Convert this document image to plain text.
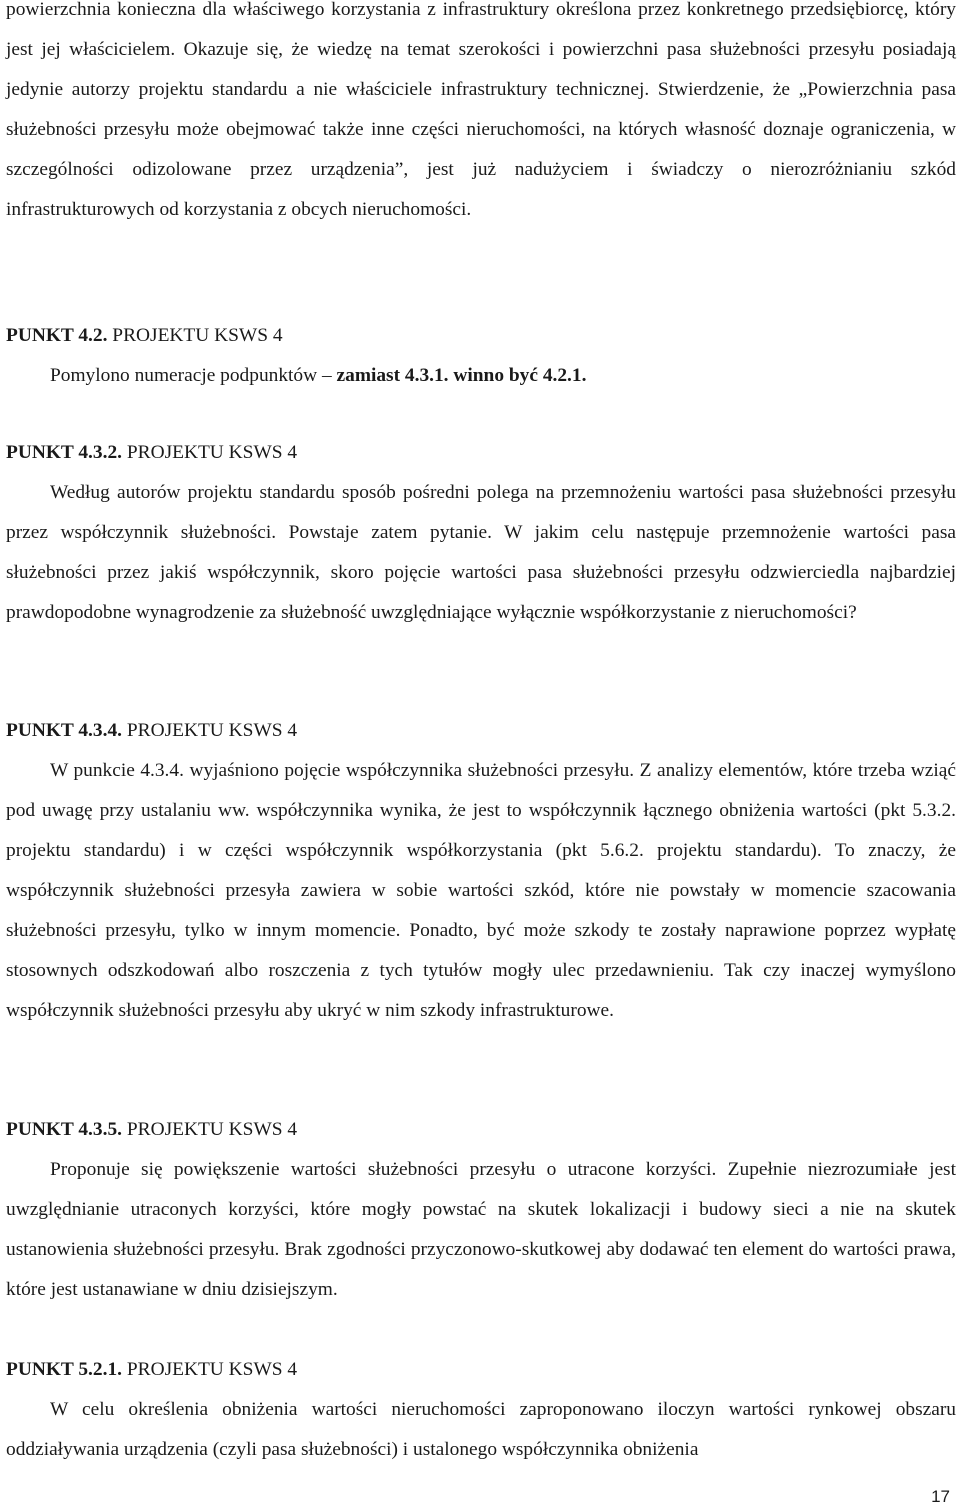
powierzchnia konieczna dla właściwego korzystania z infrastruktury określona przez konkretnego przedsiębiorcę, który jest jej właścicielem. Okazuje się, że wiedzę na temat szerokości i powierzchni pasa służebności przesyłu posiadają jedynie autorzy projektu standardu a nie właściciele infrastruktury technicznej. Stwierdzenie, że „Powierzchnia pasa służebności przesyłu może obejmować także inne części nieruchomości, na których własność doznaje ograniczenia, w szczególności odizolowane przez urządzenia”, jest już nadużyciem i świadczy o nierozróżnianiu szkód infrastrukturowych od korzystania z obcych nieruchomości.

PUNKT 4.2. PROJEKTU KSWS 4

Pomylono numeracje podpunktów – zamiast 4.3.1. winno być 4.2.1.

PUNKT 4.3.2. PROJEKTU KSWS 4

Według autorów projektu standardu sposób pośredni polega na przemnożeniu wartości pasa służebności przesyłu przez współczynnik służebności. Powstaje zatem pytanie. W jakim celu następuje przemnożenie wartości pasa służebności przez jakiś współczynnik, skoro pojęcie wartości pasa służebności przesyłu odzwierciedla najbardziej prawdopodobne wynagrodzenie za służebność uwzględniające wyłącznie współkorzystanie z nieruchomości?

PUNKT 4.3.4. PROJEKTU KSWS 4

W punkcie 4.3.4. wyjaśniono pojęcie współczynnika służebności przesyłu. Z analizy elementów, które trzeba wziąć pod uwagę przy ustalaniu ww. współczynnika wynika, że jest to współczynnik łącznego obniżenia wartości (pkt 5.3.2. projektu standardu) i w części współczynnik współkorzystania (pkt 5.6.2. projektu standardu). To znaczy, że współczynnik służebności przesyła zawiera w sobie wartości szkód, które nie powstały w momencie szacowania służebności przesyłu, tylko w innym momencie. Ponadto, być może szkody te zostały naprawione poprzez wypłatę stosownych odszkodowań albo roszczenia z tych tytułów mogły ulec przedawnieniu. Tak czy inaczej wymyślono współczynnik służebności przesyłu aby ukryć w nim szkody infrastrukturowe.

PUNKT 4.3.5. PROJEKTU KSWS 4

Proponuje się powiększenie wartości służebności przesyłu o utracone korzyści. Zupełnie niezrozumiałe jest uwzględnianie utraconych korzyści, które mogły powstać na skutek lokalizacji i budowy sieci a nie na skutek ustanowienia służebności przesyłu. Brak zgodności przyczonowo-skutkowej aby dodawać ten element do wartości prawa, które jest ustanawiane w dniu dzisiejszym.

PUNKT 5.2.1. PROJEKTU KSWS 4

W celu określenia obniżenia wartości nieruchomości zaproponowano iloczyn wartości rynkowej obszaru oddziaływania urządzenia (czyli pasa służebności) i ustalonego współczynnika obniżenia

17
